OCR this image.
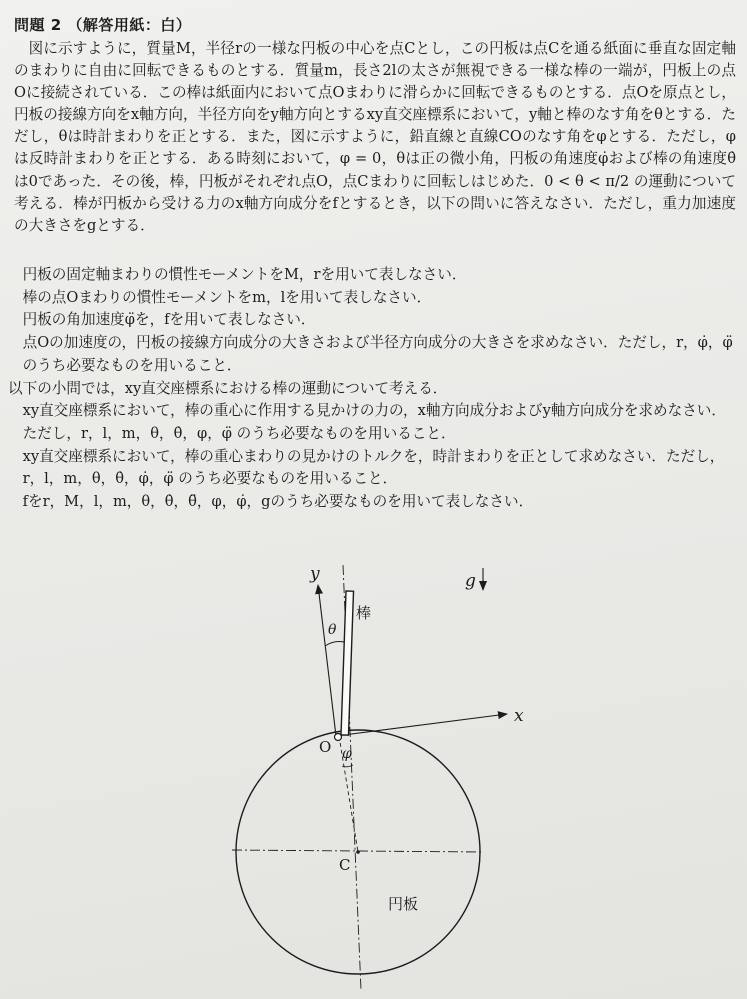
問題 2 （解答用紙：白）

図に示すように，質量M，半径rの一様な円板の中心を点Cとし，この円板は点Cを通る紙面に垂直な固定軸のまわりに自由に回転できるものとする．質量m，長さ2lの太さが無視できる一様な棒の一端が，円板上の点Oに接続されている．この棒は紙面内において点Oまわりに滑らかに回転できるものとする．点Oを原点とし，円板の接線方向をx軸方向，半径方向をy軸方向とするxy直交座標系において，y軸と棒のなす角をθとする．ただし，θは時計まわりを正とする．また，図に示すように，鉛直線と直線COのなす角をφとする．ただし，φは反時計まわりを正とする．ある時刻において，φ = 0，θは正の微小角，円板の角速度φ̇および棒の角速度θ̇は0であった．その後，棒，円板がそれぞれ点O，点Cまわりに回転しはじめた．0 < θ < π/2 の運動について考える．棒が円板から受ける力のx軸方向成分をfとするとき，以下の問いに答えなさい．ただし，重力加速度の大きさをgとする．

円板の固定軸まわりの慣性モーメントをM，rを用いて表しなさい．
棒の点Oまわりの慣性モーメントをm，lを用いて表しなさい．
円板の角加速度φ̈を，fを用いて表しなさい．
点Oの加速度の，円板の接線方向成分の大きさおよび半径方向成分の大きさを求めなさい．ただし，r，φ̇，φ̈ のうち必要なものを用いること．
以下の小問では，xy直交座標系における棒の運動について考える．
xy直交座標系において，棒の重心に作用する見かけの力の，x軸方向成分およびy軸方向成分を求めなさい．ただし，r，l，m，θ，θ̇，φ，φ̈ のうち必要なものを用いること．
xy直交座標系において，棒の重心まわりの見かけのトルクを，時計まわりを正として求めなさい．ただし，r，l，m，θ，θ̇，φ̇，φ̈ のうち必要なものを用いること．
fをr，M，l，m，θ，θ̇，θ̈，φ，φ̇，gのうち必要なものを用いて表しなさい．
y
x
g
棒
θ
O φ
C
円板
